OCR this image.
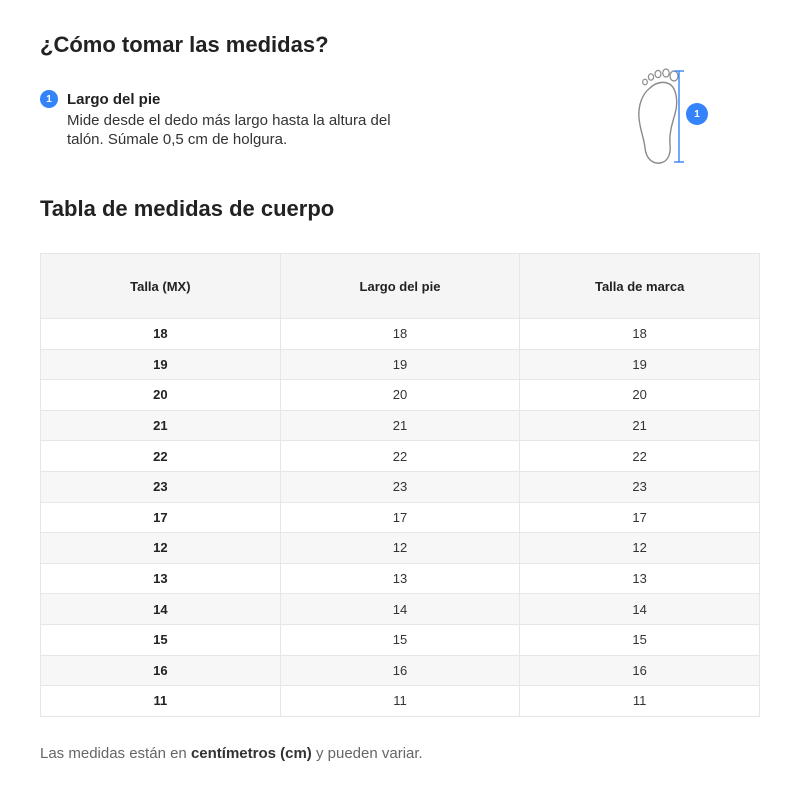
¿Cómo tomar las medidas?
1	Largo del pie
Mide desde el dedo más largo hasta la altura del talón. Súmale 0,5 cm de holgura.
1
Tabla de medidas de cuerpo
Talla (MX)	Largo del pie	Talla de marca
18	18	18
19	19	19
20	20	20
21	21	21
22	22	22
23	23	23
17	17	17
12	12	12
13	13	13
14	14	14
15	15	15
16	16	16
11	11	11
Las medidas están en centímetros (cm) y pueden variar.
